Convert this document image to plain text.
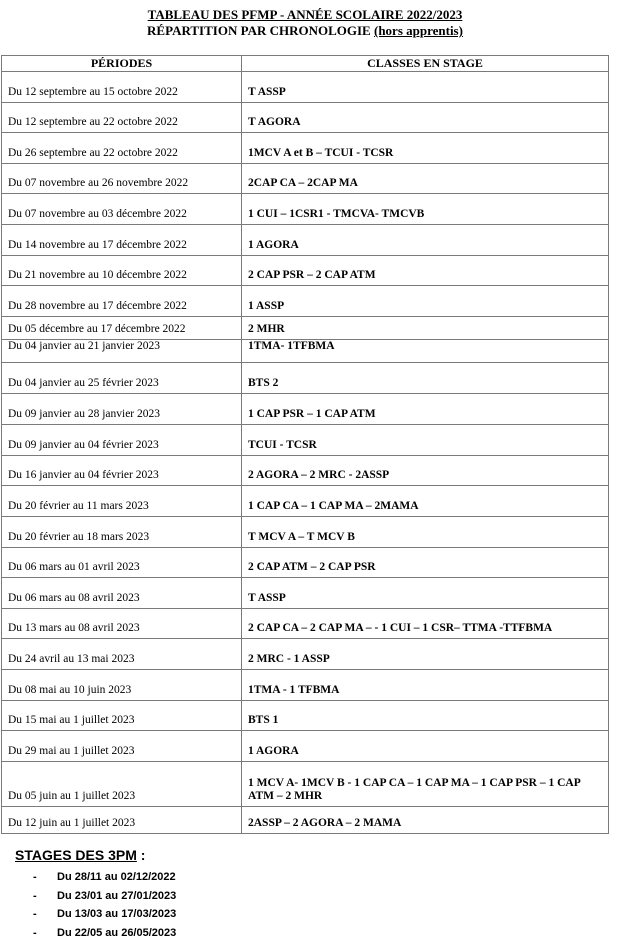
TABLEAU DES PFMP - ANNÉE SCOLAIRE 2022/2023
RÉPARTITION PAR CHRONOLOGIE (hors apprentis)
PÉRIODES	CLASSES EN STAGE
Du 12 septembre au 15 octobre 2022	T ASSP
Du 12 septembre au 22 octobre 2022	T AGORA
Du 26 septembre au 22 octobre 2022	1MCV A et B – TCUI - TCSR
Du 07 novembre au 26 novembre 2022	2CAP CA – 2CAP MA
Du 07 novembre au 03 décembre 2022	1 CUI – 1CSR1 - TMCVA- TMCVB
Du 14 novembre au 17 décembre 2022	1 AGORA
Du 21 novembre au 10 décembre 2022	2 CAP PSR – 2 CAP ATM
Du 28 novembre au 17 décembre 2022	1 ASSP
Du 05 décembre au 17 décembre 2022	2 MHR
Du 04 janvier au 21 janvier 2023	1TMA- 1TFBMA
Du 04 janvier au 25 février 2023	BTS 2
Du 09 janvier au 28 janvier 2023	1 CAP PSR – 1 CAP ATM
Du 09 janvier au 04 février 2023	TCUI - TCSR
Du 16 janvier au 04 février 2023	2 AGORA – 2 MRC - 2ASSP
Du 20 février au 11 mars 2023	1 CAP CA – 1 CAP MA – 2MAMA
Du 20 février au 18 mars 2023	T MCV A – T MCV B
Du 06 mars au 01 avril 2023	2 CAP ATM – 2 CAP PSR
Du 06 mars au 08 avril 2023	T ASSP
Du 13 mars au 08 avril 2023	2 CAP CA – 2 CAP MA – - 1 CUI – 1 CSR– TTMA -TTFBMA
Du 24 avril au 13 mai 2023	2 MRC - 1 ASSP
Du 08 mai au 10 juin 2023	1TMA - 1 TFBMA
Du 15 mai au 1 juillet 2023	BTS 1
Du 29 mai au 1 juillet 2023	1 AGORA
Du 05 juin au 1 juillet 2023	1 MCV A- 1MCV B - 1 CAP CA – 1 CAP MA – 1 CAP PSR – 1 CAP ATM – 2 MHR
Du 12 juin au 1 juillet 2023	2ASSP – 2 AGORA – 2 MAMA
STAGES DES 3PM :
- Du 28/11 au 02/12/2022
- Du 23/01 au 27/01/2023
- Du 13/03 au 17/03/2023
- Du 22/05 au 26/05/2023
